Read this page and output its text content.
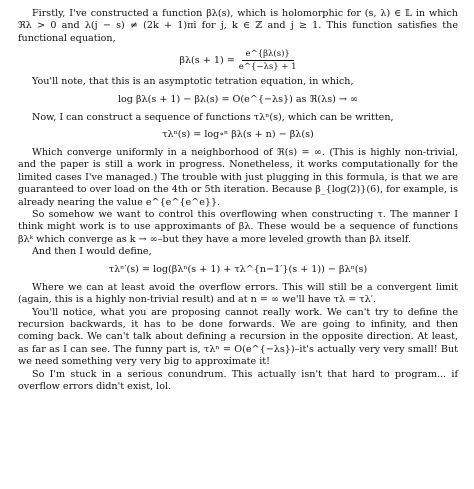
Firstly, I've constructed a function βλ(s), which is holomorphic for (s, λ) ∈ 𝕃 in which ℜλ > 0 and λ(j − s) ≠ (2k + 1)πi for j, k ∈ ℤ and j ≥ 1. This function satisfies the functional equation,

$\beta\lambda(s + 1) = \frac{e\^{}\{\beta\lambda(s)\}}{e\^{}\{-\lambda s\} + 1}$

You'll note, that this is an asymptotic tetration equation, in which,

log βλ(s + 1) − βλ(s) = O(e^{−λs}) as ℜ(λs) → ∞

Now, I can construct a sequence of functions τλⁿ(s), which can be written,

τλⁿ(s) = log∘ⁿ βλ(s + n) − βλ(s)

Which converge uniformly in a neighborhood of ℜ(s) = ∞. (This is highly non-trivial, and the paper is still a work in progress. Nonetheless, it works computationally for the limited cases I've managed.) The trouble with just plugging in this formula, is that we are guaranteed to over load on the 4th or 5th iteration. Because β_{log(2)}(6), for example, is already nearing the value e^{e^{e^e}}.

So somehow we want to control this overflowing when constructing τ. The manner I think might work is to use approximants of βλ. These would be a sequence of functions βλᵏ which converge as k → ∞–but they have a more leveled growth than βλ itself.

And then I would define,

τλⁿ′(s) = log(βλⁿ(s + 1) + τλ^{n−1′}(s + 1)) − βλⁿ(s)

Where we can at least avoid the overflow errors. This will still be a convergent limit (again, this is a highly non-trivial result) and at n = ∞ we'll have τλ = τλ′.

You'll notice, what you are proposing cannot really work. We can't try to define the recursion backwards, it has to be done forwards. We are going to infinity, and then coming back. We can't talk about defining a recursion in the opposite direction. At least, as far as I can see. The funny part is, τλⁿ = O(e^{−λs})–it's actually very very small! But we need something very very big to approximate it!

So I'm stuck in a serious conundrum. This actually isn't that hard to program... if overflow errors didn't exist, lol.
